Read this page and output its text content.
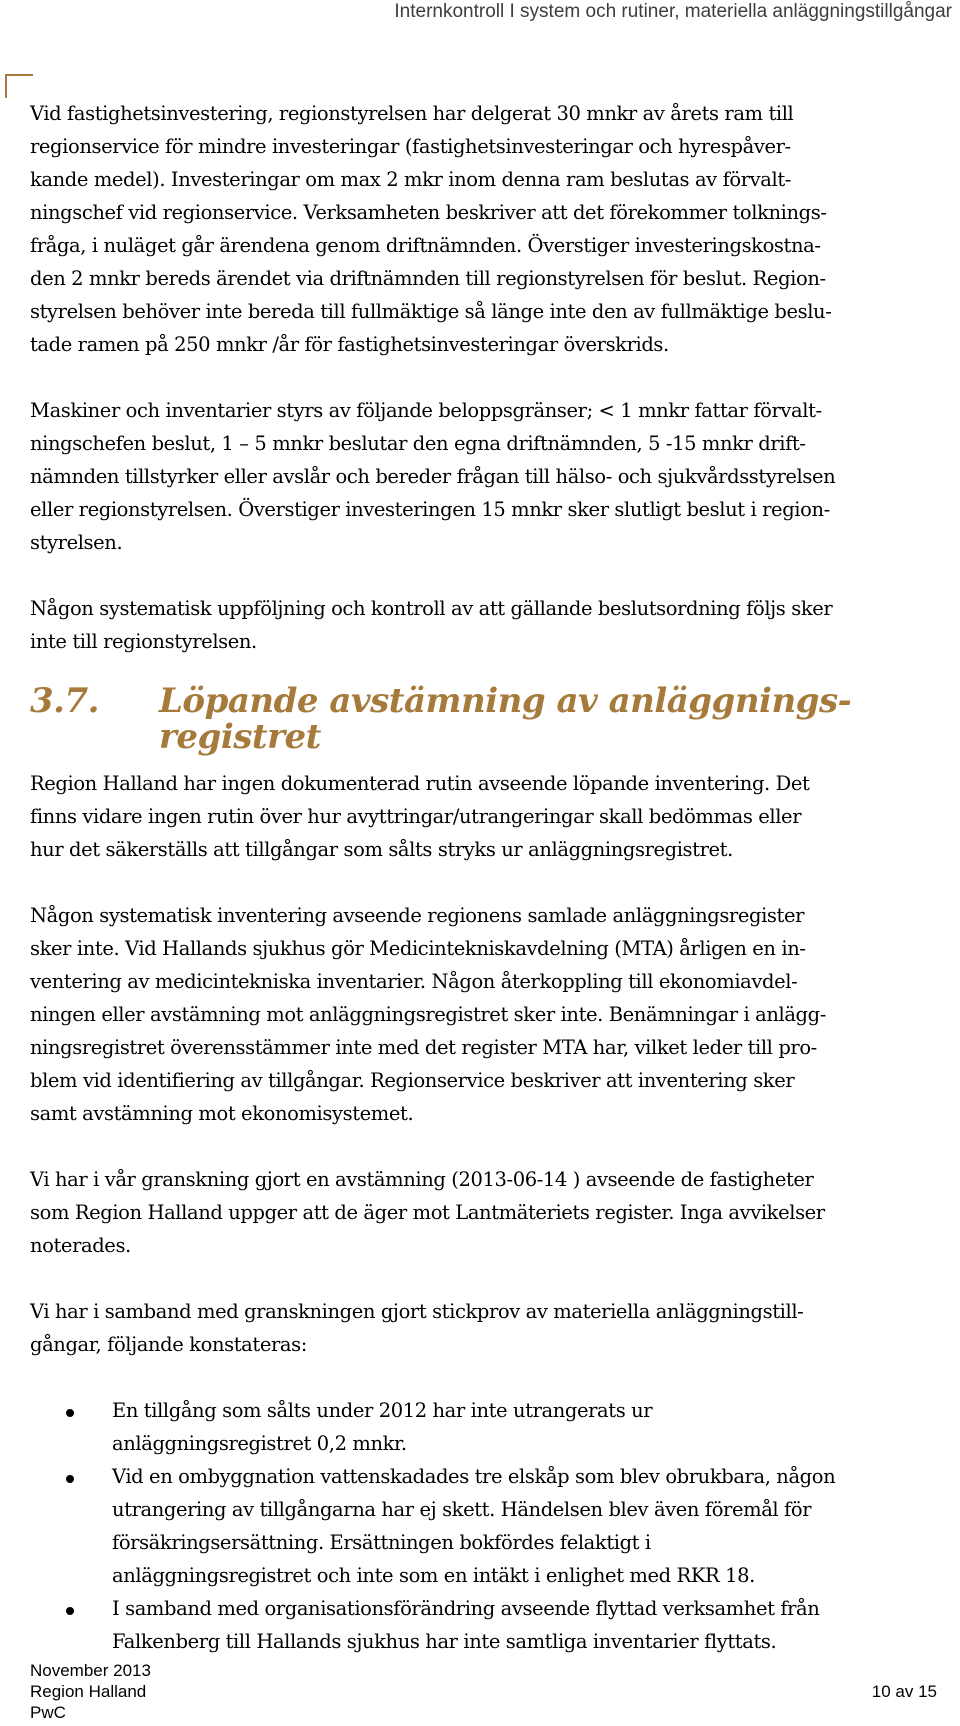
Internkontroll I system och rutiner, materiella anläggningstillgångar
Vid fastighetsinvestering, regionstyrelsen har delgerat 30 mnkr av årets ram till
regionservice för mindre investeringar (fastighetsinvesteringar och hyrespåver-
kande medel). Investeringar om max 2 mkr inom denna ram beslutas av förvalt-
ningschef vid regionservice. Verksamheten beskriver att det förekommer tolknings-
fråga, i nuläget går ärendena genom driftnämnden. Överstiger investeringskostna-
den 2 mnkr bereds ärendet via driftnämnden till regionstyrelsen för beslut. Region-
styrelsen behöver inte bereda till fullmäktige så länge inte den av fullmäktige beslu-
tade ramen på 250 mnkr /år för fastighetsinvesteringar överskrids.
Maskiner och inventarier styrs av följande beloppsgränser; < 1 mnkr fattar förvalt-
ningschefen beslut, 1 – 5 mnkr beslutar den egna driftnämnden, 5 -15 mnkr drift-
nämnden tillstyrker eller avslår och bereder frågan till hälso- och sjukvårdsstyrelsen
eller regionstyrelsen. Överstiger investeringen 15 mnkr sker slutligt beslut i region-
styrelsen.
Någon systematisk uppföljning och kontroll av att gällande beslutsordning följs sker
inte till regionstyrelsen.
3.7. Löpande avstämning av anläggnings-
registret
Region Halland har ingen dokumenterad rutin avseende löpande inventering. Det
finns vidare ingen rutin över hur avyttringar/utrangeringar skall bedömmas eller
hur det säkerställs att tillgångar som sålts stryks ur anläggningsregistret.
Någon systematisk inventering avseende regionens samlade anläggningsregister
sker inte. Vid Hallands sjukhus gör Medicintekniskavdelning (MTA) årligen en in-
ventering av medicintekniska inventarier. Någon återkoppling till ekonomiavdel-
ningen eller avstämning mot anläggningsregistret sker inte. Benämningar i anlägg-
ningsregistret överensstämmer inte med det register MTA har, vilket leder till pro-
blem vid identifiering av tillgångar. Regionservice beskriver att inventering sker
samt avstämning mot ekonomisystemet.
Vi har i vår granskning gjort en avstämning (2013-06-14 ) avseende de fastigheter
som Region Halland uppger att de äger mot Lantmäteriets register. Inga avvikelser
noterades.
Vi har i samband med granskningen gjort stickprov av materiella anläggningstill-
gångar, följande konstateras:
En tillgång som sålts under 2012 har inte utrangerats ur
anläggningsregistret 0,2 mnkr.
Vid en ombyggnation vattenskadades tre elskåp som blev obrukbara, någon
utrangering av tillgångarna har ej skett. Händelsen blev även föremål för
försäkringsersättning. Ersättningen bokfördes felaktigt i
anläggningsregistret och inte som en intäkt i enlighet med RKR 18.
I samband med organisationsförändring avseende flyttad verksamhet från
Falkenberg till Hallands sjukhus har inte samtliga inventarier flyttats.
November 2013
Region Halland
PwC
10 av 15
